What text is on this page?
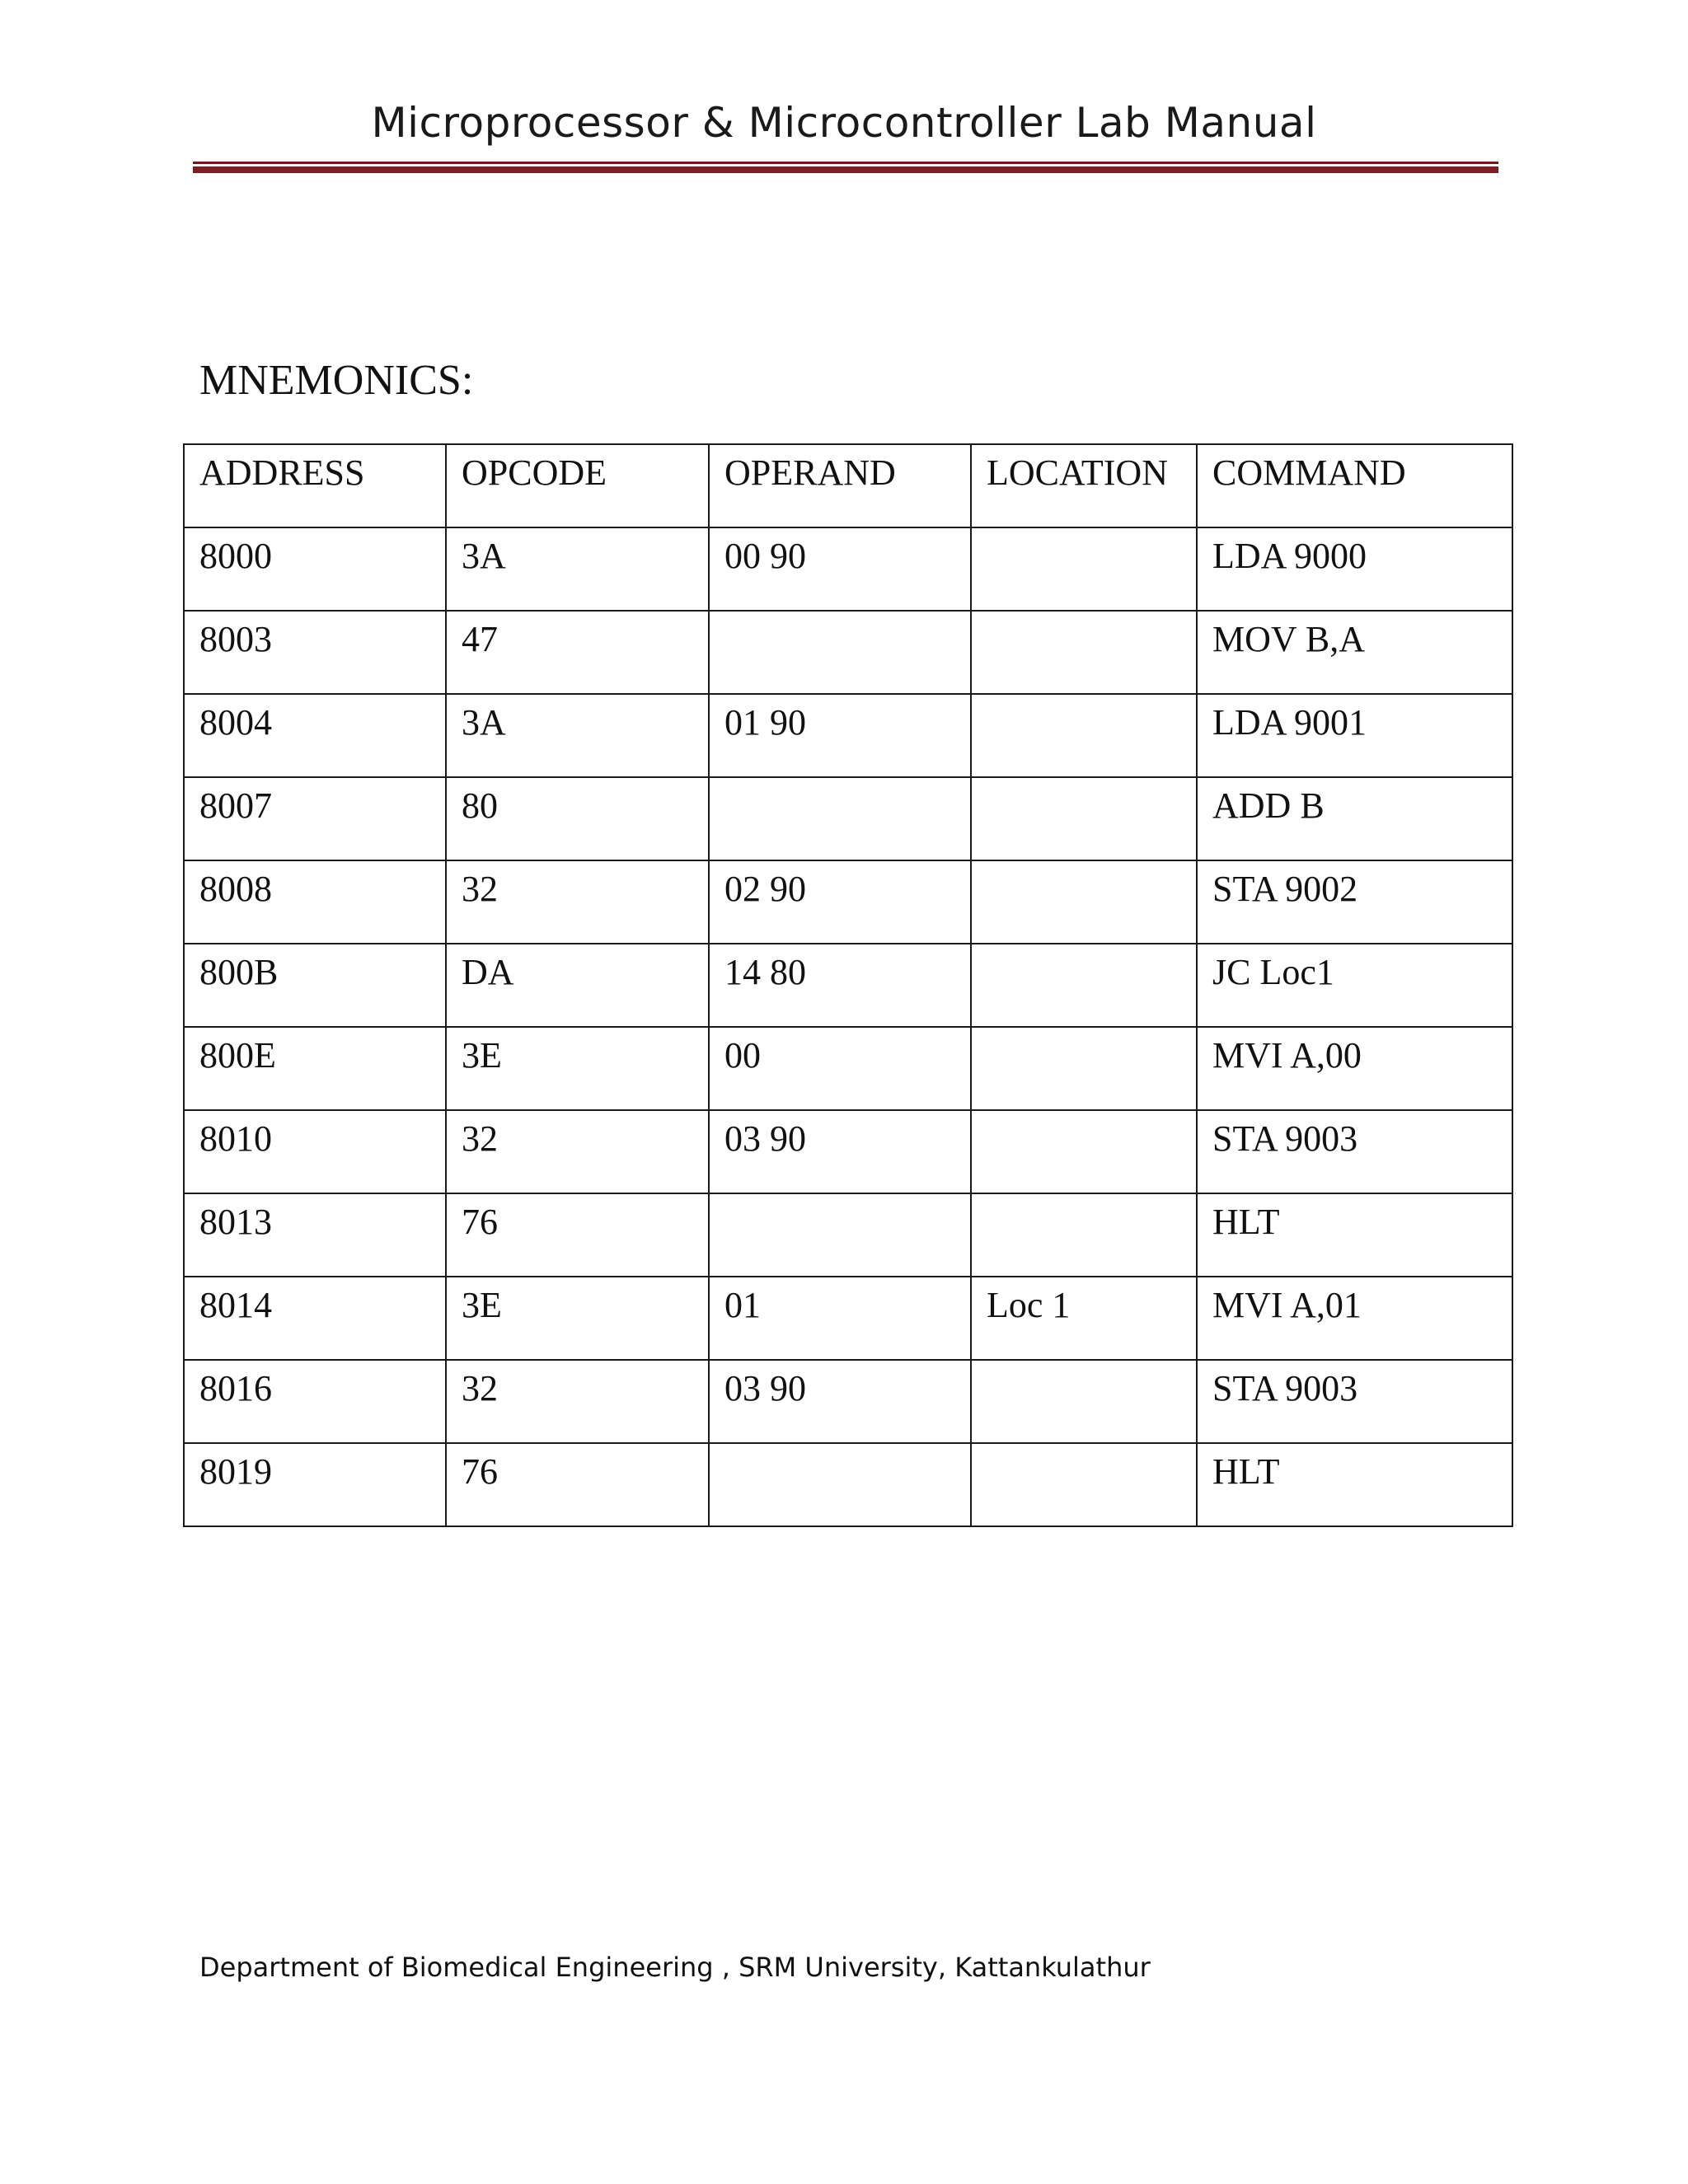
Microprocessor & Microcontroller Lab Manual
MNEMONICS:
ADDRESS	OPCODE	OPERAND	LOCATION	COMMAND
8000	3A	00 90		LDA 9000
8003	47			MOV B,A
8004	3A	01 90		LDA 9001
8007	80			ADD B
8008	32	02 90		STA 9002
800B	DA	14 80		JC Loc1
800E	3E	00		MVI A,00
8010	32	03 90		STA 9003
8013	76			HLT
8014	3E	01	Loc 1	MVI A,01
8016	32	03 90		STA 9003
8019	76			HLT
Department of Biomedical Engineering , SRM University, Kattankulathur
